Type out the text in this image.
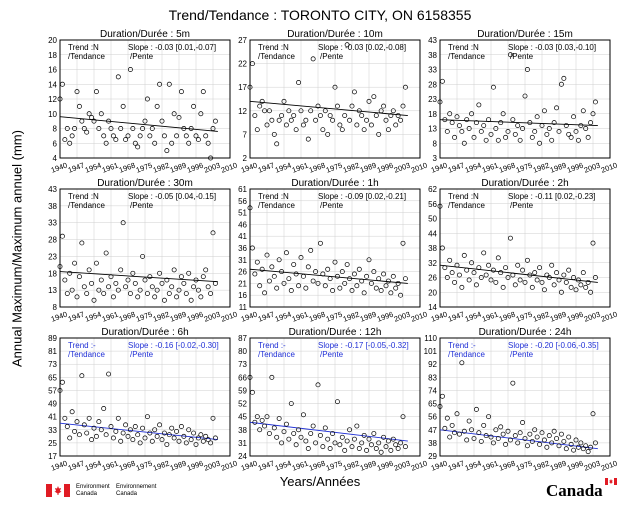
Trend/Tendance : TORONTO CITY, ON 6158355
Annual Maximum/Maximum annuel (mm)
Years/Années
Duration/Durée : 5m
4
6
8
10
12
14
16
18
20
1940
1947
1954
1961
1968
1975
1982
1989
1996
2003
2010
Trend :N
/Tendance
Slope : -0.03 [0.01,-0.07]
/Pente
Duration/Durée : 10m
2
7
12
17
22
27
1940
1947
1954
1961
1968
1975
1982
1989
1996
2003
2010
Trend :N
/Tendance
Slope : -0.03 [0.02,-0.08]
/Pente
Duration/Durée : 15m
3
8
13
18
23
28
33
38
43
1940
1947
1954
1961
1968
1975
1982
1989
1996
2003
2010
Trend :N
/Tendance
Slope : -0.03 [0.03,-0.10]
/Pente
Duration/Durée : 30m
8
13
18
23
28
33
38
43
1940
1947
1954
1961
1968
1975
1982
1989
1996
2003
2010
Trend :N
/Tendance
Slope : -0.05 [0.04,-0.15]
/Pente
Duration/Durée : 1h
11
16
21
26
31
36
41
46
51
56
61
1940
1947
1954
1961
1968
1975
1982
1989
1996
2003
2010
Trend :N
/Tendance
Slope : -0.09 [0.02,-0.21]
/Pente
Duration/Durée : 2h
14
20
26
32
38
44
50
56
62
1940
1947
1954
1961
1968
1975
1982
1989
1996
2003
2010
Trend :N
/Tendance
Slope : -0.11 [0.02,-0.23]
/Pente
Duration/Durée : 6h
17
25
33
41
49
57
65
73
81
89
1940
1947
1954
1961
1968
1975
1982
1989
1996
2003
2010
Trend :-
/Tendance
Slope : -0.16 [-0.02,-0.30]
/Pente
Duration/Durée : 12h
24
31
38
45
52
59
66
73
80
87
1940
1947
1954
1961
1968
1975
1982
1989
1996
2003
2010
Trend :-
/Tendance
Slope : -0.17 [-0.05,-0.32]
/Pente
Duration/Durée : 24h
29
38
47
56
65
74
83
92
101
110
1940
1947
1954
1961
1968
1975
1982
1989
1996
2003
2010
Trend :-
/Tendance
Slope : -0.20 [-0.06,-0.35]
/Pente
Environment
Canada
Environnement
Canada	Canada
